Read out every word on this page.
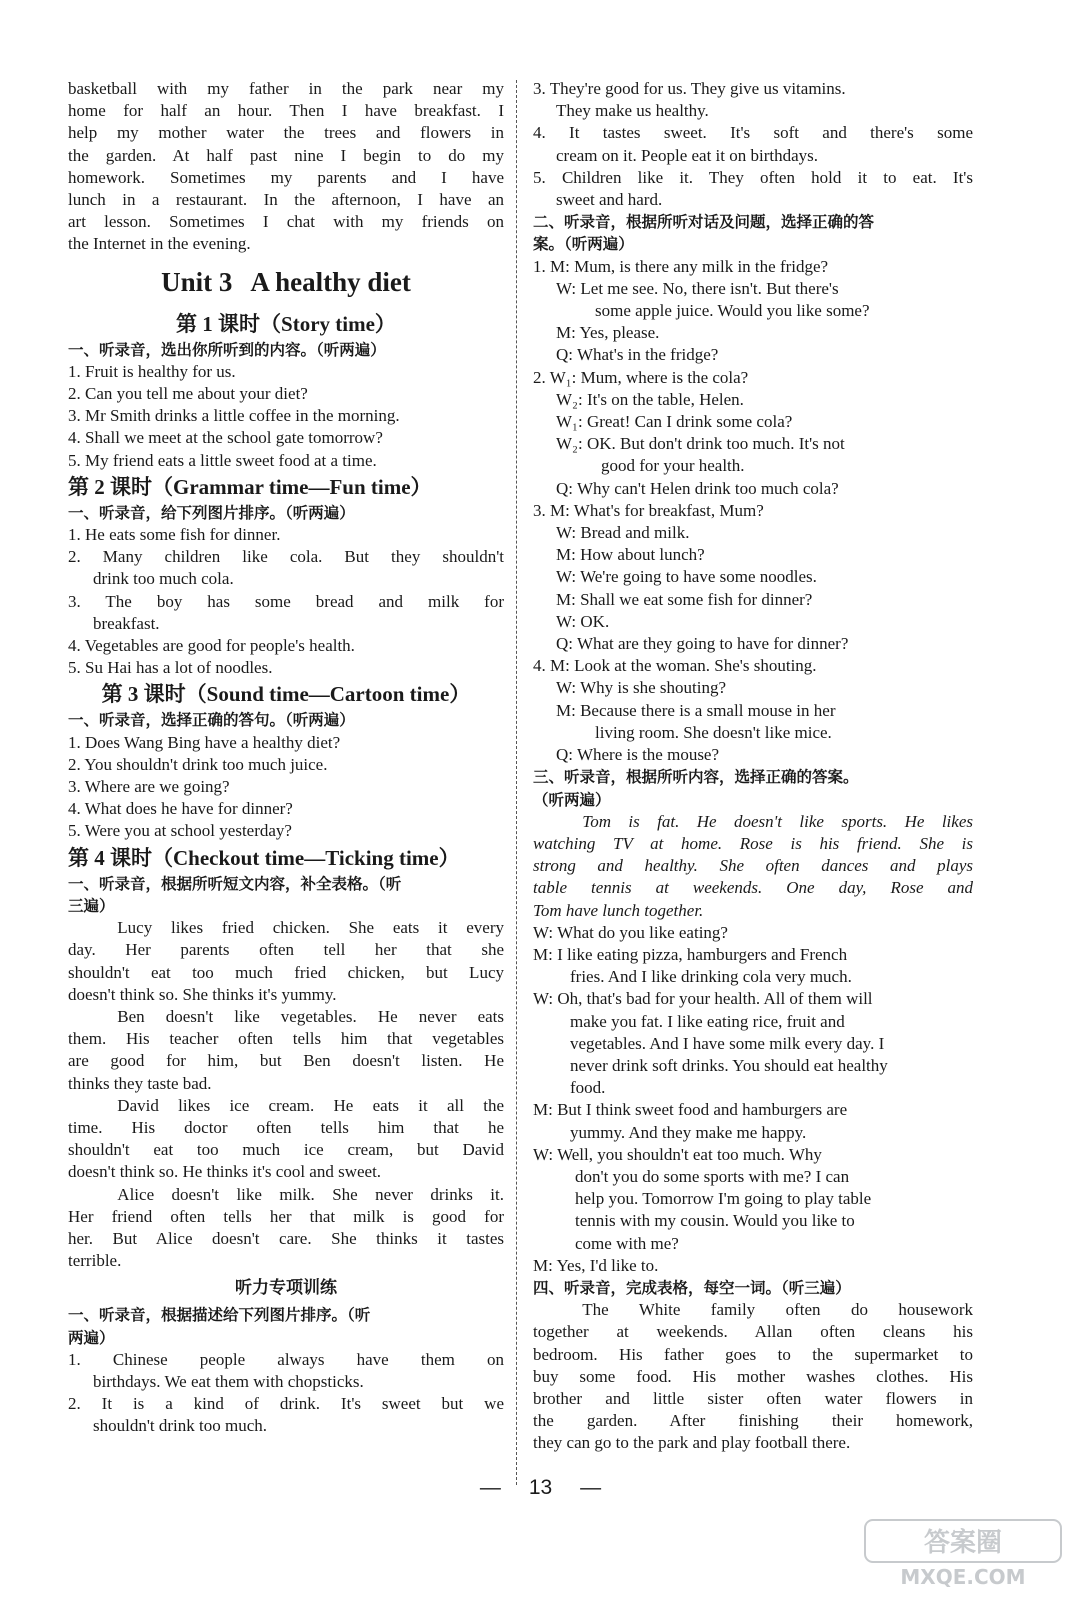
basketball with my father in the park near my
home for half an hour. Then I have breakfast. I
help my mother water the trees and flowers in
the garden. At half past nine I begin to do my
homework. Sometimes my parents and I have
lunch in a restaurant. In the afternoon, I have an
art lesson. Sometimes I chat with my friends on
the Internet in the evening.
Unit 3 A healthy diet
第 1 课时（Story time）
一、听录音，选出你所听到的内容。（听两遍）
1. Fruit is healthy for us.
2. Can you tell me about your diet?
3. Mr Smith drinks a little coffee in the morning.
4. Shall we meet at the school gate tomorrow?
5. My friend eats a little sweet food at a time.
第 2 课时（Grammar time—Fun time）
一、听录音，给下列图片排序。（听两遍）
1. He eats some fish for dinner.
2. Many children like cola. But they shouldn't
drink too much cola.
3. The boy has some bread and milk for
breakfast.
4. Vegetables are good for people's health.
5. Su Hai has a lot of noodles.
第 3 课时（Sound time—Cartoon time）
一、听录音，选择正确的答句。（听两遍）
1. Does Wang Bing have a healthy diet?
2. You shouldn't drink too much juice.
3. Where are we going?
4. What does he have for dinner?
5. Were you at school yesterday?
第 4 课时（Checkout time—Ticking time）
一、听录音，根据所听短文内容，补全表格。（听
三遍）
Lucy likes fried chicken. She eats it every
day. Her parents often tell her that she
shouldn't eat too much fried chicken, but Lucy
doesn't think so. She thinks it's yummy.
Ben doesn't like vegetables. He never eats
them. His teacher often tells him that vegetables
are good for him, but Ben doesn't listen. He
thinks they taste bad.
David likes ice cream. He eats it all the
time. His doctor often tells him that he
shouldn't eat too much ice cream, but David
doesn't think so. He thinks it's cool and sweet.
Alice doesn't like milk. She never drinks it.
Her friend often tells her that milk is good for
her. But Alice doesn't care. She thinks it tastes
terrible.
听力专项训练
一、听录音，根据描述给下列图片排序。（听
两遍）
1. Chinese people always have them on
birthdays. We eat them with chopsticks.
2. It is a kind of drink. It's sweet but we
shouldn't drink too much.
3. They're good for us. They give us vitamins.
They make us healthy.
4. It tastes sweet. It's soft and there's some
cream on it. People eat it on birthdays.
5. Children like it. They often hold it to eat. It's
sweet and hard.
二、听录音，根据所听对话及问题，选择正确的答
案。（听两遍）
1. M: Mum, is there any milk in the fridge?
W: Let me see. No, there isn't. But there's
some apple juice. Would you like some?
M: Yes, please.
Q: What's in the fridge?
2. W₁: Mum, where is the cola?
W₂: It's on the table, Helen.
W₁: Great! Can I drink some cola?
W₂: OK. But don't drink too much. It's not
good for your health.
Q: Why can't Helen drink too much cola?
3. M: What's for breakfast, Mum?
W: Bread and milk.
M: How about lunch?
W: We're going to have some noodles.
M: Shall we eat some fish for dinner?
W: OK.
Q: What are they going to have for dinner?
4. M: Look at the woman. She's shouting.
W: Why is she shouting?
M: Because there is a small mouse in her
living room. She doesn't like mice.
Q: Where is the mouse?
三、听录音，根据所听内容，选择正确的答案。
（听两遍）
Tom is fat. He doesn't like sports. He likes
watching TV at home. Rose is his friend. She is
strong and healthy. She often dances and plays
table tennis at weekends. One day, Rose and
Tom have lunch together.
W: What do you like eating?
M: I like eating pizza, hamburgers and French
fries. And I like drinking cola very much.
W: Oh, that's bad for your health. All of them will
make you fat. I like eating rice, fruit and
vegetables. And I have some milk every day. I
never drink soft drinks. You should eat healthy
food.
M: But I think sweet food and hamburgers are
yummy. And they make me happy.
W: Well, you shouldn't eat too much. Why
don't you do some sports with me? I can
help you. Tomorrow I'm going to play table
tennis with my cousin. Would you like to
come with me?
M: Yes, I'd like to.
四、听录音，完成表格，每空一词。（听三遍）
The White family often do housework
together at weekends. Allan often cleans his
bedroom. His father goes to the supermarket to
buy some food. His mother washes clothes. His
brother and little sister often water flowers in
the garden. After finishing their homework,
they can go to the park and play football there.
— 13 —
答案圈
MXQE.COM
